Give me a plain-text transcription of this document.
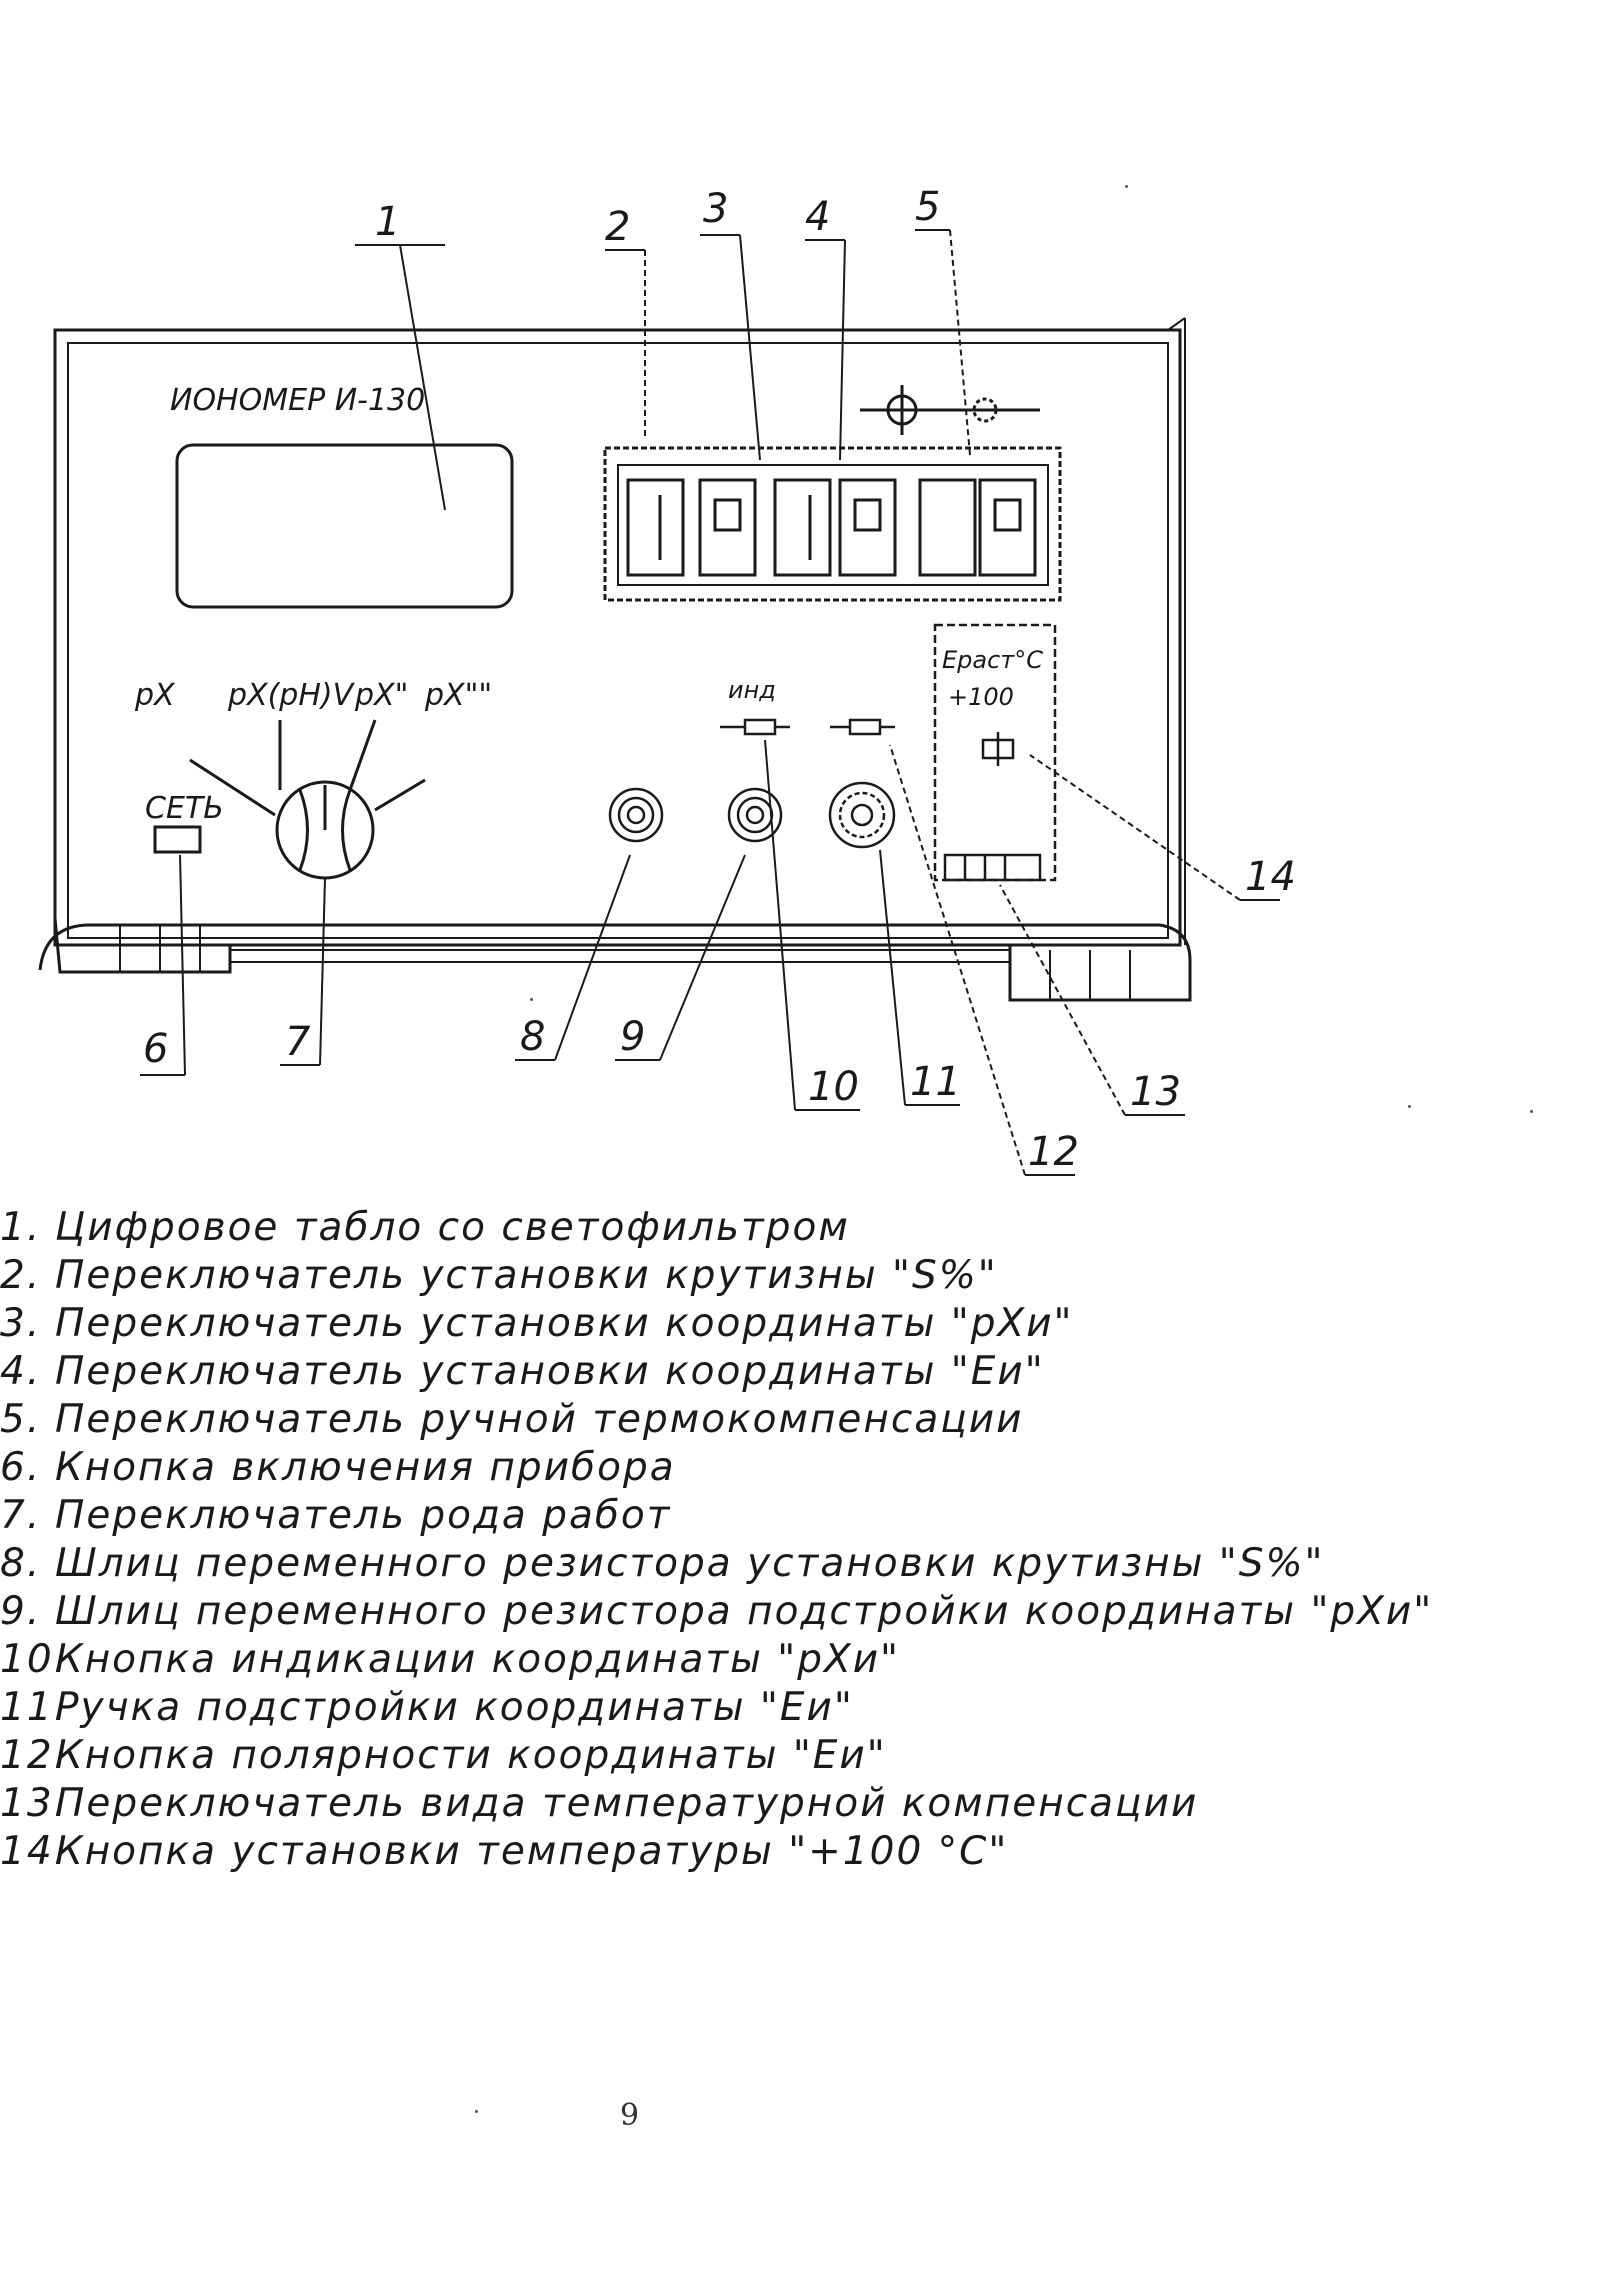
ИОНОМЕР И-130
СЕТЬ
pX pX(pH)V pX" pX""	инд
Epacт°C
+100
1	2 3 4 5
6	7	8 9
10 11
12
13
14
1. Цифровое табло со светофильтром
2. Переключатель установки крутизны "S%"
3. Переключатель установки координаты "pXи"
4. Переключатель установки координаты "Eи"
5. Переключатель ручной термокомпенсации
6. Кнопка включения прибора
7. Переключатель рода работ
8. Шлиц переменного резистора установки крутизны "S%"
9. Шлиц переменного резистора подстройки координаты "pXи"
10.
Кнопка индикации координаты "pXи"
11.
Ручка подстройки координаты "Eи"
12.
Кнопка полярности координаты "Eи"
13.
Переключатель вида температурной компенсации
14.
Кнопка установки температуры "+100 °C"
9
